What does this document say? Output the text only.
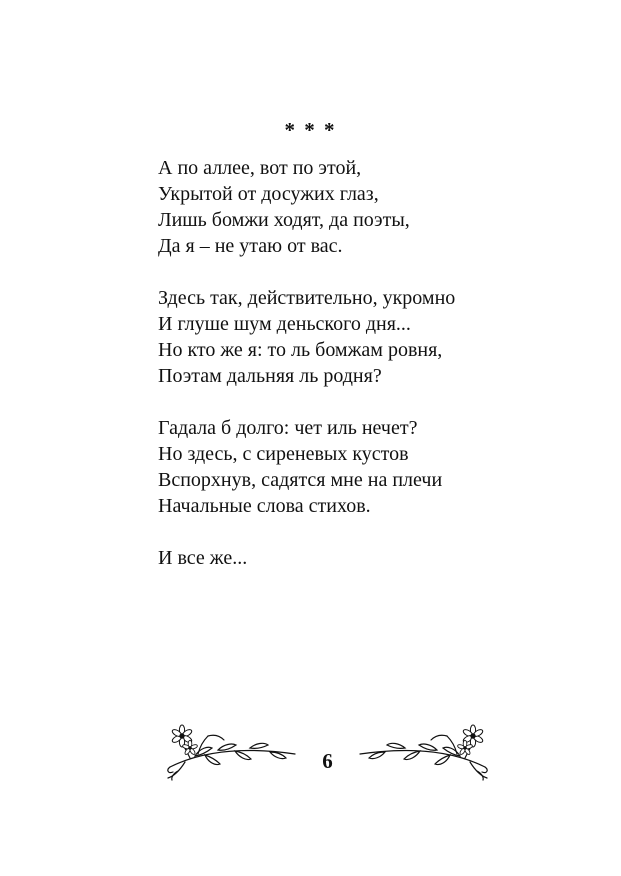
* * *
А по аллее, вот по этой,
Укрытой от досужих глаз,
Лишь бомжи ходят, да поэты,
Да я – не утаю от вас.
Здесь так, действительно, укромно
И глуше шум деньского дня...
Но кто же я: то ль бомжам ровня,
Поэтам дальняя ль родня?
Гадала б долго: чет иль нечет?
Но здесь, с сиреневых кустов
Вспорхнув, садятся мне на плечи
Начальные слова стихов.
И все же...
6
